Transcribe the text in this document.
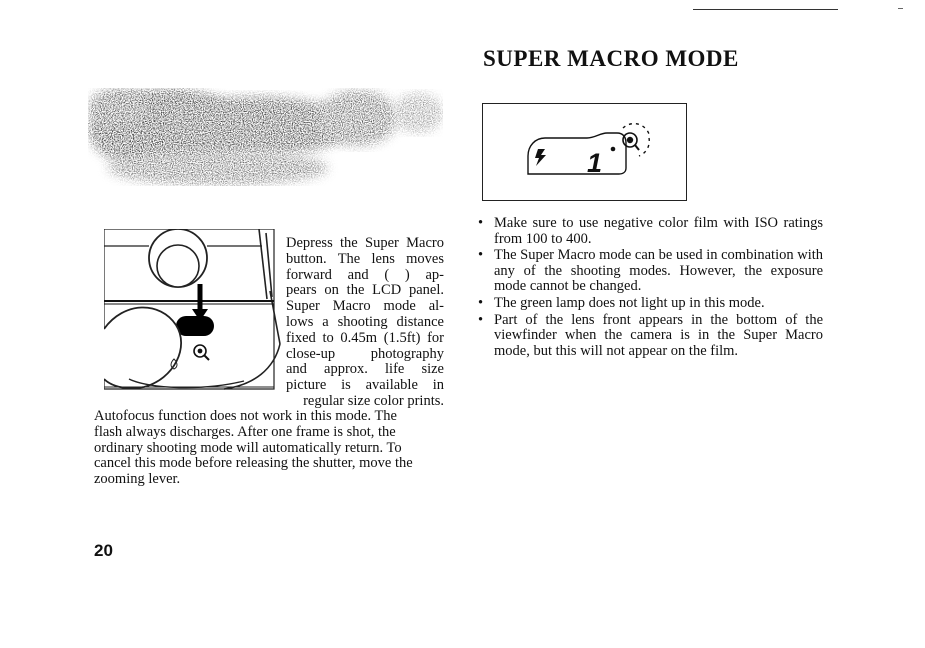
SUPER MACRO MODE

Depress the Super Macro

button. The lens moves

forward and ( ) ap-

pears on the LCD panel.

Super Macro mode al-

lows a shooting distance

fixed to 0.45m (1.5ft) for

close-up photography

and approx. life size

picture is available in

regular size color prints.

Autofocus function does not work in this mode. The

flash always discharges. After one frame is shot, the

ordinary shooting mode will automatically return. To

cancel this mode before releasing the shutter, move the

zooming lever.

1
• Make sure to use negative color film with ISO ratings from 100 to 400.
• The Super Macro mode can be used in combination with any of the shooting modes. However, the exposure mode cannot be changed.
• The green lamp does not light up in this mode.
• Part of the lens front appears in the bottom of the viewfinder when the camera is in the Super Macro mode, but this will not appear on the film.
20
